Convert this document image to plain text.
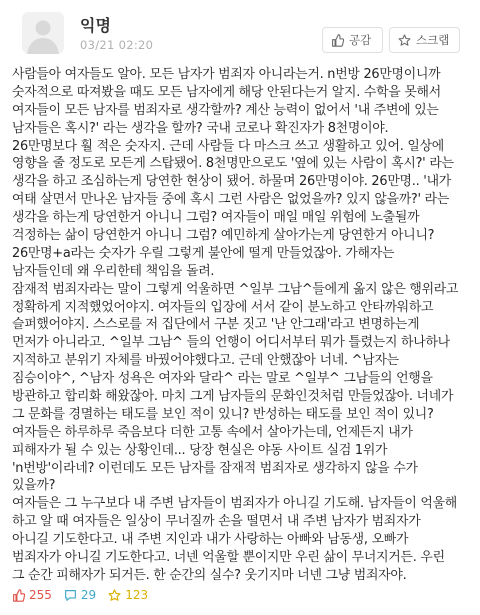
익명
03/21 02:20	공감	스크랩
사람들아 여자들도 알아. 모든 남자가 범죄자 아니라는거. n번방 26만명이니까
숫자적으로 따져봤을 때도 모든 남자에게 해당 안된다는거 알지. 수학을 못해서
여자들이 모든 남자를 범죄자로 생각할까? 계산 능력이 없어서 '내 주변에 있는
남자들은 혹시?' 라는 생각을 할까? 국내 코로나 확진자가 8천명이야.
26만명보다 훨 적은 숫자지. 근데 사람들 다 마스크 쓰고 생활하고 있어. 일상에
영향을 줄 정도로 모든게 스탑됐어. 8천명만으로도 '옆에 있는 사람이 혹시?' 라는
생각을 하고 조심하는게 당연한 현상이 됐어. 하물며 26만명이야. 26만명.. '내가
여태 살면서 만나온 남자들 중에 혹시 그런 사람은 없었을까? 있지 않을까?' 라는
생각을 하는게 당연한거 아니니 그럼? 여자들이 매일 매일 위험에 노출될까
걱정하는 삶이 당연한거 아니니 그럼? 예민하게 살아가는게 당연한거 아니니?
26만명+a라는 숫자가 우릴 그렇게 불안에 떨게 만들었잖아. 가해자는
남자들인데 왜 우리한테 책임을 돌려.
잠재적 범죄자라는 말이 그렇게 억울하면 ^일부 그남^들에게 옮지 않은 행위라고
정확하게 지적했었어야지. 여자들의 입장에 서서 같이 분노하고 안타까워하고
슬퍼했어야지. 스스로를 저 집단에서 구분 짓고 '난 안그래'라고 변명하는게
먼저가 아니라고. ^일부 그남^ 들의 언행이 어디서부터 뭐가 틀렸는지 하나하나
지적하고 분위기 자체를 바꿨어야했다고. 근데 안했잖아 너네. ^남자는
짐승이야^, ^남자 성욕은 여자와 달라^ 라는 말로 ^일부^ 그남들의 언행을
방관하고 합리화 해왔잖아. 마치 그게 남자들의 문화인것처럼 만들었잖아. 너네가
그 문화를 경멸하는 태도를 보인 적이 있니? 반성하는 태도를 보인 적이 있니?
여자들은 하루하루 죽음보다 더한 고통 속에서 살아가는데, 언제든지 내가
피해자가 될 수 있는 상황인데... 당장 현실은 야동 사이트 실검 1위가
'n번방'이라네? 이런데도 모든 남자를 잠재적 범죄자로 생각하지 않을 수가
있을까?
여자들은 그 누구보다 내 주변 남자들이 범죄자가 아니길 기도해. 남자들이 억울해
하고 알 때 여자들은 일상이 무너질까 손을 떨면서 내 주변 남자가 범죄자가
아니길 기도한다고. 내 주변 지인과 내가 사랑하는 아빠와 남동생, 오빠가
범죄자가 아니길 기도한다고. 너넨 억울할 뿐이지만 우린 삶이 무너지거든. 우린
그 순간 피해자가 되거든. 한 순간의 실수? 웃기지마 너넨 그냥 범죄자야.
255 29 123
